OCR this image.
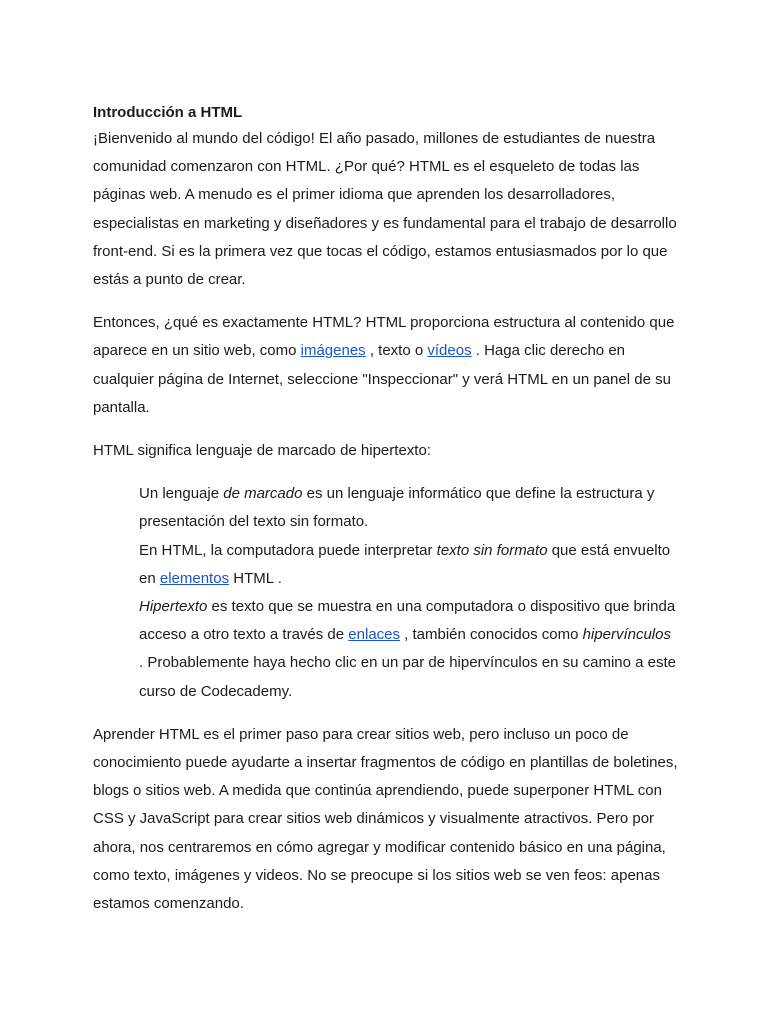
Introducción a HTML

¡Bienvenido al mundo del código! El año pasado, millones de estudiantes de nuestra comunidad comenzaron con HTML. ¿Por qué? HTML es el esqueleto de todas las páginas web. A menudo es el primer idioma que aprenden los desarrolladores, especialistas en marketing y diseñadores y es fundamental para el trabajo de desarrollo front-end. Si es la primera vez que tocas el código, estamos entusiasmados por lo que estás a punto de crear.

Entonces, ¿qué es exactamente HTML? HTML proporciona estructura al contenido que aparece en un sitio web, como imágenes , texto o vídeos . Haga clic derecho en cualquier página de Internet, seleccione "Inspeccionar" y verá HTML en un panel de su pantalla.

HTML significa lenguaje de marcado de hipertexto:

Un lenguaje de marcado es un lenguaje informático que define la estructura y presentación del texto sin formato.

En HTML, la computadora puede interpretar texto sin formato que está envuelto en elementos HTML .

Hipertexto es texto que se muestra en una computadora o dispositivo que brinda acceso a otro texto a través de enlaces , también conocidos como hipervínculos . Probablemente haya hecho clic en un par de hipervínculos en su camino a este curso de Codecademy.

Aprender HTML es el primer paso para crear sitios web, pero incluso un poco de conocimiento puede ayudarte a insertar fragmentos de código en plantillas de boletines, blogs o sitios web. A medida que continúa aprendiendo, puede superponer HTML con CSS y JavaScript para crear sitios web dinámicos y visualmente atractivos. Pero por ahora, nos centraremos en cómo agregar y modificar contenido básico en una página, como texto, imágenes y videos. No se preocupe si los sitios web se ven feos: apenas estamos comenzando.
